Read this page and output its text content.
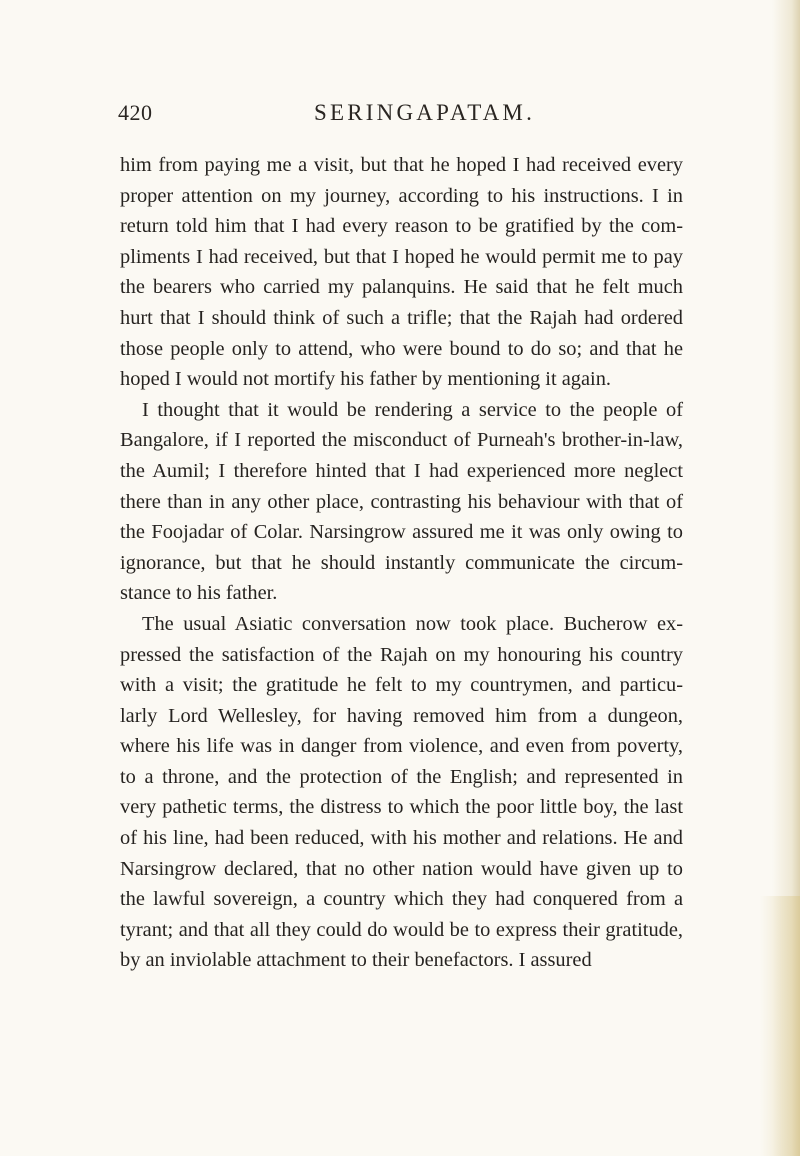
420	SERINGAPATAM.

him from paying me a visit, but that he hoped I had received every proper attention on my journey, according to his instructions. I in return told him that I had every reason to be gratified by the com- pliments I had received, but that I hoped he would permit me to pay the bearers who carried my palanquins. He said that he felt much hurt that I should think of such a trifle; that the Rajah had ordered those people only to attend, who were bound to do so; and that he hoped I would not mortify his father by mentioning it again.

I thought that it would be rendering a service to the people of Bangalore, if I reported the misconduct of Purneah's brother-in-law, the Aumil; I therefore hinted that I had experienced more neglect there than in any other place, contrasting his behaviour with that of the Foojadar of Colar. Narsingrow assured me it was only owing to ignorance, but that he should instantly communicate the circum- stance to his father.

The usual Asiatic conversation now took place. Bucherow ex- pressed the satisfaction of the Rajah on my honouring his country with a visit; the gratitude he felt to my countrymen, and particu- larly Lord Wellesley, for having removed him from a dungeon, where his life was in danger from violence, and even from poverty, to a throne, and the protection of the English; and represented in very pathetic terms, the distress to which the poor little boy, the last of his line, had been reduced, with his mother and relations. He and Narsingrow declared, that no other nation would have given up to the lawful sovereign, a country which they had conquered from a tyrant; and that all they could do would be to express their gratitude, by an inviolable attachment to their benefactors. I assured
